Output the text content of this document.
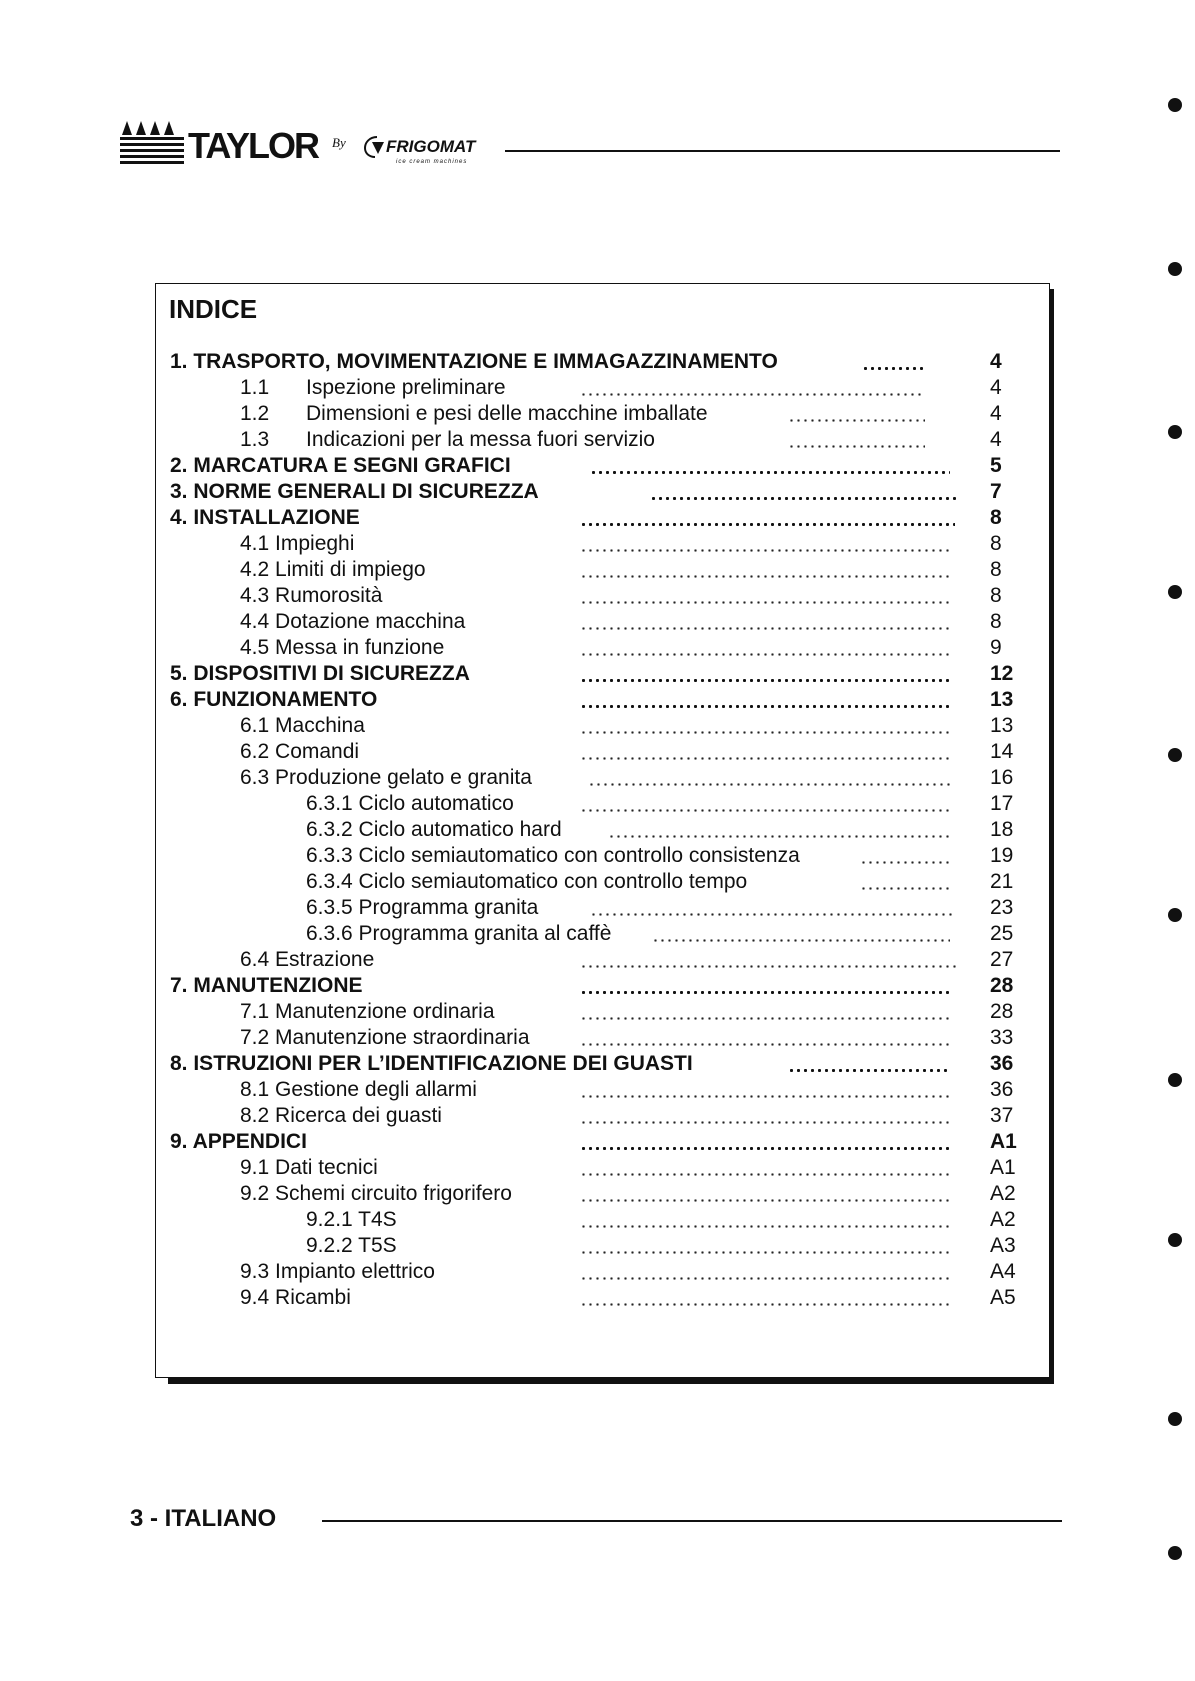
TAYLOR By FRIGOMAT
ice cream machines
INDICE
1. TRASPORTO, MOVIMENTAZIONE E IMMAGAZZINAMENTO	4
1.1 Ispezione preliminare	4
1.2 Dimensioni e pesi delle macchine imballate	4
1.3 Indicazioni per la messa fuori servizio	4
2. MARCATURA E SEGNI GRAFICI	5
3. NORME GENERALI DI SICUREZZA	7
4. INSTALLAZIONE	8
4.1 Impieghi	8
4.2 Limiti di impiego	8
4.3 Rumorosità	8
4.4 Dotazione macchina	8
4.5 Messa in funzione	9
5. DISPOSITIVI DI SICUREZZA	12
6. FUNZIONAMENTO	13
6.1 Macchina	13
6.2 Comandi	14
6.3 Produzione gelato e granita	16
6.3.1 Ciclo automatico	17
6.3.2 Ciclo automatico hard	18
6.3.3 Ciclo semiautomatico con controllo consistenza	19
6.3.4 Ciclo semiautomatico con controllo tempo	21
6.3.5 Programma granita	23
6.3.6 Programma granita al caffè	25
6.4 Estrazione	27
7. MANUTENZIONE	28
7.1 Manutenzione ordinaria	28
7.2 Manutenzione straordinaria	33
8. ISTRUZIONI PER L’IDENTIFICAZIONE DEI GUASTI	36
8.1 Gestione degli allarmi	36
8.2 Ricerca dei guasti	37
9. APPENDICI	A1
9.1 Dati tecnici	A1
9.2 Schemi circuito frigorifero	A2
9.2.1 T4S	A2
9.2.2 T5S	A3
9.3 Impianto elettrico	A4
9.4 Ricambi	A5
3 - ITALIANO
